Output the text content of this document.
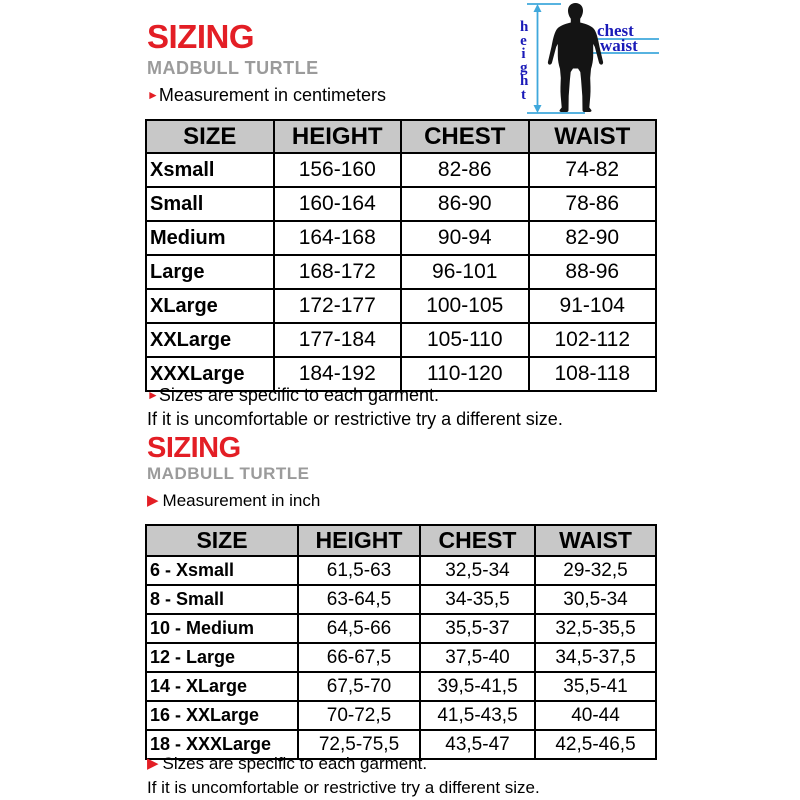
SIZING
MADBULL TURTLE
►Measurement in centimeters
height
chest
waist
SIZE	HEIGHT	CHEST	WAIST
Xsmall	156-160	82-86	74-82
Small	160-164	86-90	78-86
Medium	164-168	90-94	82-90
Large	168-172	96-101	88-96
XLarge	172-177	100-105	91-104
XXLarge	177-184	105-110	102-112
XXXLarge	184-192	110-120	108-118
►Sizes are specific to each garment.
If it is uncomfortable or restrictive try a different size.
SIZING
MADBULL TURTLE
▶ Measurement in inch
SIZE	HEIGHT	CHEST	WAIST
6 - Xsmall	61,5-63	32,5-34	29-32,5
8 - Small	63-64,5	34-35,5	30,5-34
10 - Medium	64,5-66	35,5-37	32,5-35,5
12 - Large	66-67,5	37,5-40	34,5-37,5
14 - XLarge	67,5-70	39,5-41,5	35,5-41
16 - XXLarge	70-72,5	41,5-43,5	40-44
18 - XXXLarge	72,5-75,5	43,5-47	42,5-46,5
▶ Sizes are specific to each garment.
If it is uncomfortable or restrictive try a different size.
